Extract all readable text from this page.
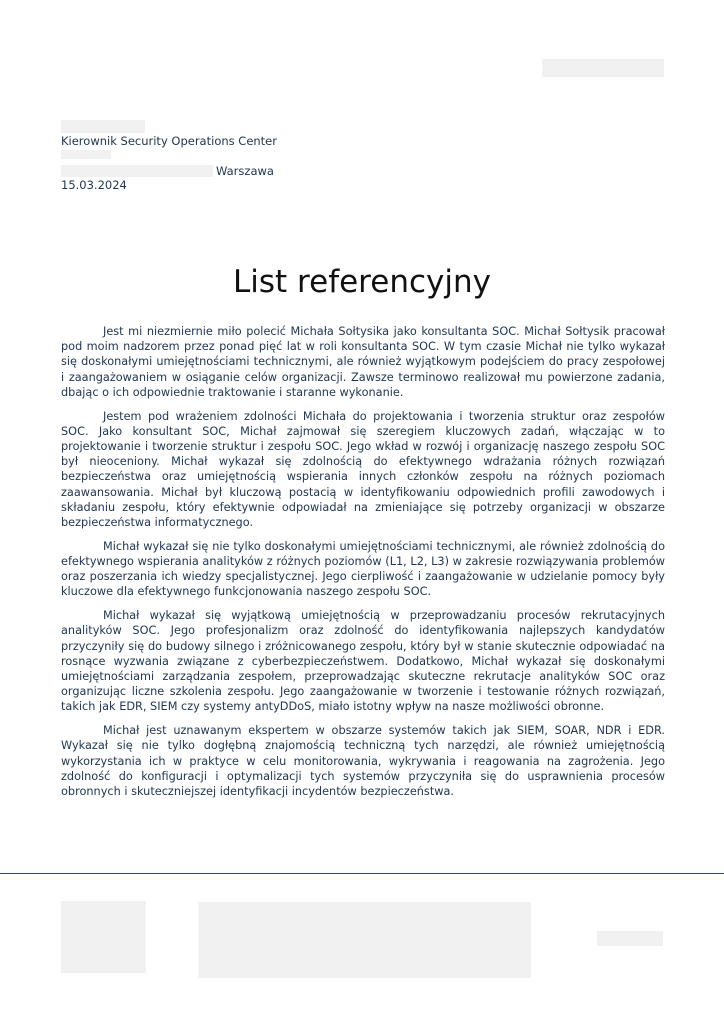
Kierownik Security Operations Center
Warszawa
15.03.2024
List referencyjny

Jest mi niezmiernie miło polecić Michała Sołtysika jako konsultanta SOC. Michał Sołtysik pracował pod moim nadzorem przez ponad pięć lat w roli konsultanta SOC. W tym czasie Michał nie tylko wykazał się doskonałymi umiejętnościami technicznymi, ale również wyjątkowym podejściem do pracy zespołowej i zaangażowaniem w osiąganie celów organizacji. Zawsze terminowo realizował mu powierzone zadania, dbając o ich odpowiednie traktowanie i staranne wykonanie.

Jestem pod wrażeniem zdolności Michała do projektowania i tworzenia struktur oraz zespołów SOC. Jako konsultant SOC, Michał zajmował się szeregiem kluczowych zadań, włączając w to projektowanie i tworzenie struktur i zespołu SOC. Jego wkład w rozwój i organizację naszego zespołu SOC był nieoceniony. Michał wykazał się zdolnością do efektywnego wdrażania różnych rozwiązań bezpieczeństwa oraz umiejętnością wspierania innych członków zespołu na różnych poziomach zaawansowania. Michał był kluczową postacią w identyfikowaniu odpowiednich profili zawodowych i składaniu zespołu, który efektywnie odpowiadał na zmieniające się potrzeby organizacji w obszarze bezpieczeństwa informatycznego.

Michał wykazał się nie tylko doskonałymi umiejętnościami technicznymi, ale również zdolnością do efektywnego wspierania analityków z różnych poziomów (L1, L2, L3) w zakresie rozwiązywania problemów oraz poszerzania ich wiedzy specjalistycznej. Jego cierpliwość i zaangażowanie w udzielanie pomocy były kluczowe dla efektywnego funkcjonowania naszego zespołu SOC.

Michał wykazał się wyjątkową umiejętnością w przeprowadzaniu procesów rekrutacyjnych analityków SOC. Jego profesjonalizm oraz zdolność do identyfikowania najlepszych kandydatów przyczyniły się do budowy silnego i zróżnicowanego zespołu, który był w stanie skutecznie odpowiadać na rosnące wyzwania związane z cyberbezpieczeństwem. Dodatkowo, Michał wykazał się doskonałymi umiejętnościami zarządzania zespołem, przeprowadzając skuteczne rekrutacje analityków SOC oraz organizując liczne szkolenia zespołu. Jego zaangażowanie w tworzenie i testowanie różnych rozwiązań, takich jak EDR, SIEM czy systemy antyDDoS, miało istotny wpływ na nasze możliwości obronne.

Michał jest uznawanym ekspertem w obszarze systemów takich jak SIEM, SOAR, NDR i EDR. Wykazał się nie tylko dogłębną znajomością techniczną tych narzędzi, ale również umiejętnością wykorzystania ich w praktyce w celu monitorowania, wykrywania i reagowania na zagrożenia. Jego zdolność do konfiguracji i optymalizacji tych systemów przyczyniła się do usprawnienia procesów obronnych i skuteczniejszej identyfikacji incydentów bezpieczeństwa.
